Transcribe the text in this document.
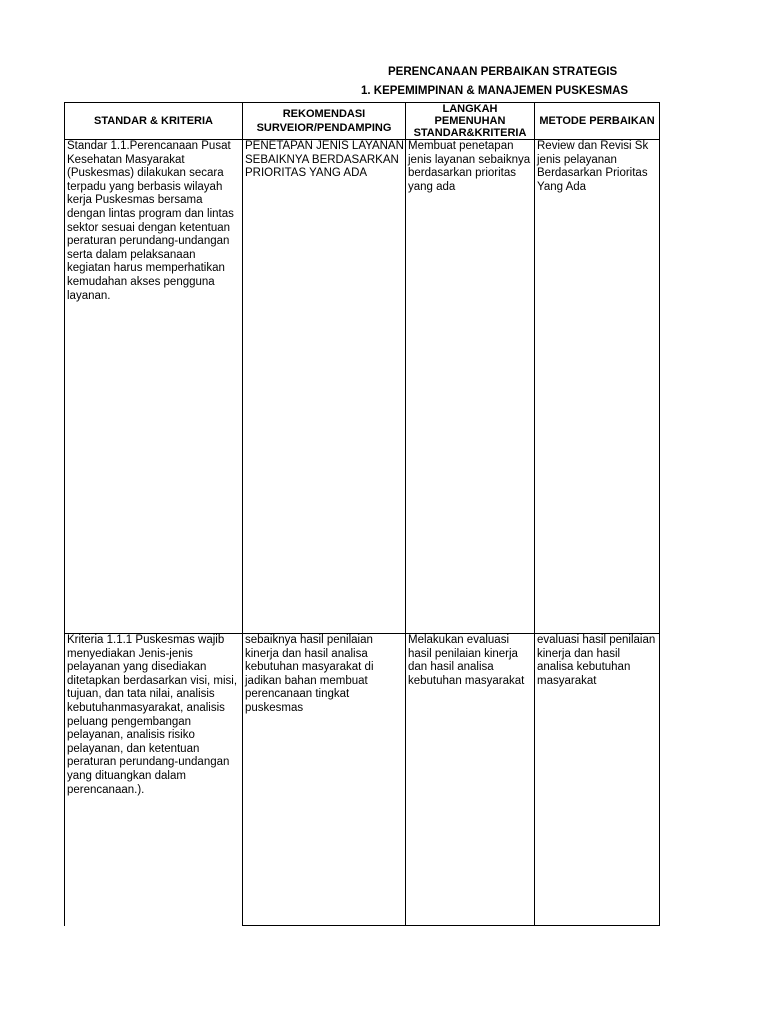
PERENCANAAN PERBAIKAN STRATEGIS
1. KEPEMIMPINAN & MANAJEMEN PUSKESMAS
STANDAR & KRITERIA	REKOMENDASI SURVEIOR/PENDAMPING	LANGKAH PEMENUHAN STANDAR&KRITERIA	METODE PERBAIKAN
Standar 1.1.Perencanaan Pusat Kesehatan Masyarakat (Puskesmas) dilakukan secara terpadu yang berbasis wilayah kerja Puskesmas bersama dengan lintas program dan lintas sektor sesuai dengan ketentuan peraturan perundang-undangan serta dalam pelaksanaan kegiatan harus memperhatikan kemudahan akses pengguna layanan.	PENETAPAN JENIS LAYANAN SEBAIKNYA BERDASARKAN PRIORITAS YANG ADA	Membuat penetapan jenis layanan sebaiknya berdasarkan prioritas yang ada	Review dan Revisi Sk jenis pelayanan Berdasarkan Prioritas Yang Ada
Kriteria 1.1.1 Puskesmas wajib menyediakan Jenis-jenis pelayanan yang disediakan ditetapkan berdasarkan visi, misi, tujuan, dan tata nilai, analisis kebutuhanmasyarakat, analisis peluang pengembangan pelayanan, analisis risiko pelayanan, dan ketentuan peraturan perundang-undangan yang dituangkan dalam perencanaan.).	sebaiknya hasil penilaian kinerja dan hasil analisa kebutuhan masyarakat di jadikan bahan membuat perencanaan tingkat puskesmas	Melakukan evaluasi hasil penilaian kinerja dan hasil analisa kebutuhan masyarakat	evaluasi hasil penilaian kinerja dan hasil analisa kebutuhan masyarakat
